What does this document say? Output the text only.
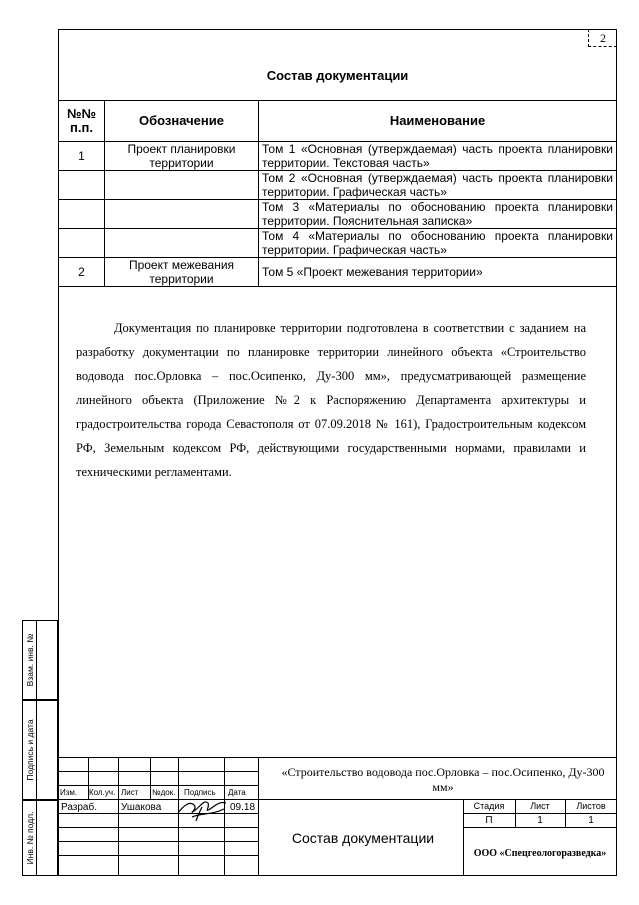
2
Состав документации
№№ п.п.	Обозначение	Наименование
1	Проект планировки территории	Том 1 «Основная (утверждаемая) часть проекта планировки территории. Текстовая часть»
		Том 2 «Основная (утверждаемая) часть проекта планировки территории. Графическая часть»
		Том 3 «Материалы по обоснованию проекта планировки территории. Пояснительная записка»
		Том 4 «Материалы по обоснованию проекта планировки территории. Графическая часть»
2	Проект межевания территории	Том 5 «Проект межевания территории»

Документация по планировке территории подготовлена в соответствии с заданием на разработку документации по планировке территории линейного объекта «Строительство водовода пос.Орловка – пос.Осипенко, Ду-300 мм», предусматривающей размещение линейного объекта (Приложение №2 к Распоряжению Департамента архитектуры и градостроительства города Севастополя от 07.09.2018 № 161), Градостроительным кодексом РФ, Земельным кодексом РФ, действующими государственными нормами, правилами и техническими регламентами.

Взам. инв. №
Подпись и дата
Инв. № подл.
Изм. Кол.уч. Лист №док. Подпись Дата
Разраб. Ушакова	09.18
«Строительство водовода пос.Орловка – пос.Осипенко, Ду-300 мм»
Состав документации
Стадия	Лист	Листов
П	1	1
ООО «Спецгеологоразведка»
